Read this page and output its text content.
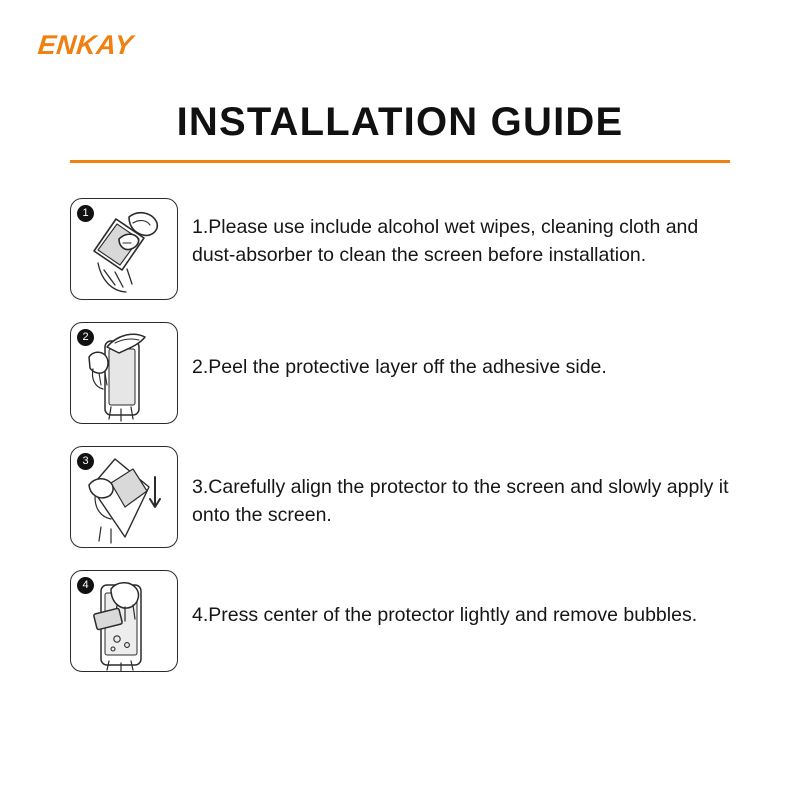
ENKAY
INSTALLATION GUIDE
1
1.Please use include alcohol wet wipes, cleaning cloth and dust-absorber to clean the screen before installation.
2
2.Peel the protective layer off the adhesive side.
3
3.Carefully align the protector to the screen and slowly apply it onto the screen.
4
4.Press center of the protector lightly and remove bubbles.
